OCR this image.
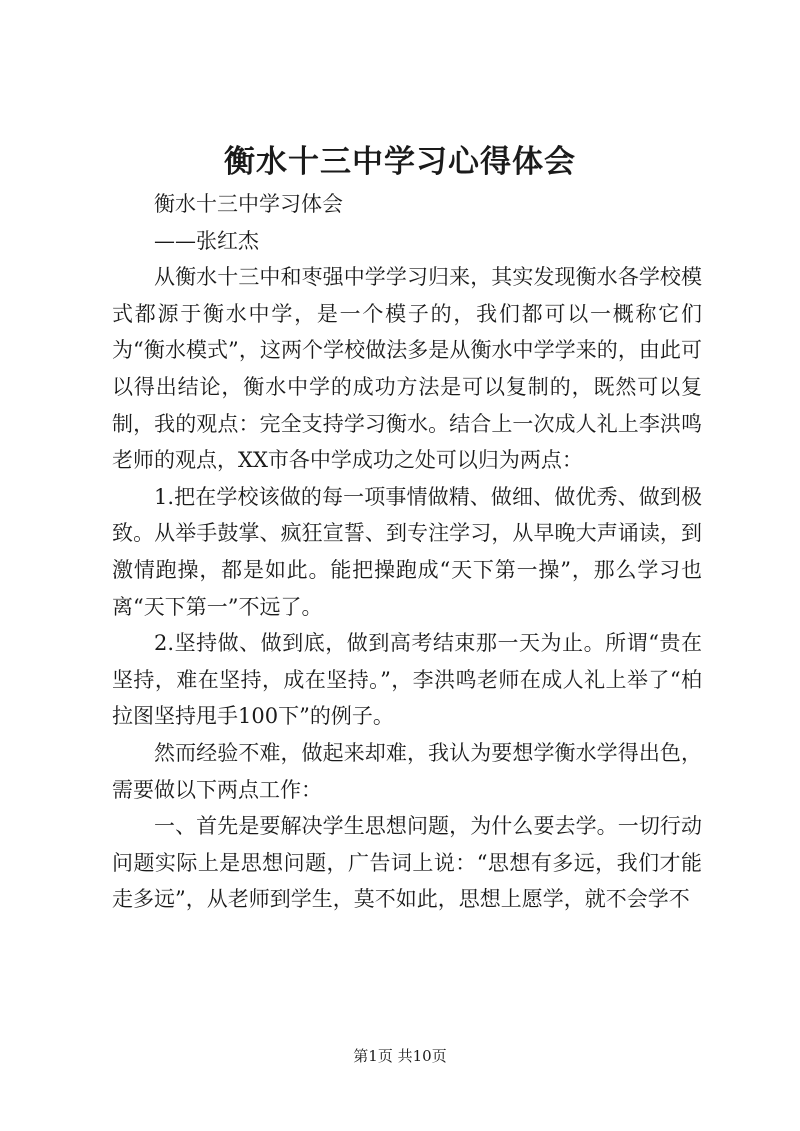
衡水十三中学习心得体会

衡水十三中学习体会

——张红杰

从衡水十三中和枣强中学学习归来，其实发现衡水各学校模式都源于衡水中学，是一个模子的，我们都可以一概称它们为“衡水模式”，这两个学校做法多是从衡水中学学来的，由此可以得出结论，衡水中学的成功方法是可以复制的，既然可以复制，我的观点：完全支持学习衡水。结合上一次成人礼上李洪鸣老师的观点，XX市各中学成功之处可以归为两点：

1.把在学校该做的每一项事情做精、做细、做优秀、做到极致。从举手鼓掌、疯狂宣誓、到专注学习，从早晚大声诵读，到激情跑操，都是如此。能把操跑成“天下第一操”，那么学习也离“天下第一”不远了。

2.坚持做、做到底，做到高考结束那一天为止。所谓“贵在坚持，难在坚持，成在坚持。”，李洪鸣老师在成人礼上举了“柏拉图坚持甩手100下”的例子。

然而经验不难，做起来却难，我认为要想学衡水学得出色，需要做以下两点工作：

一、首先是要解决学生思想问题，为什么要去学。一切行动问题实际上是思想问题，广告词上说：“思想有多远，我们才能走多远”，从老师到学生，莫不如此，思想上愿学，就不会学不

第1页 共10页
